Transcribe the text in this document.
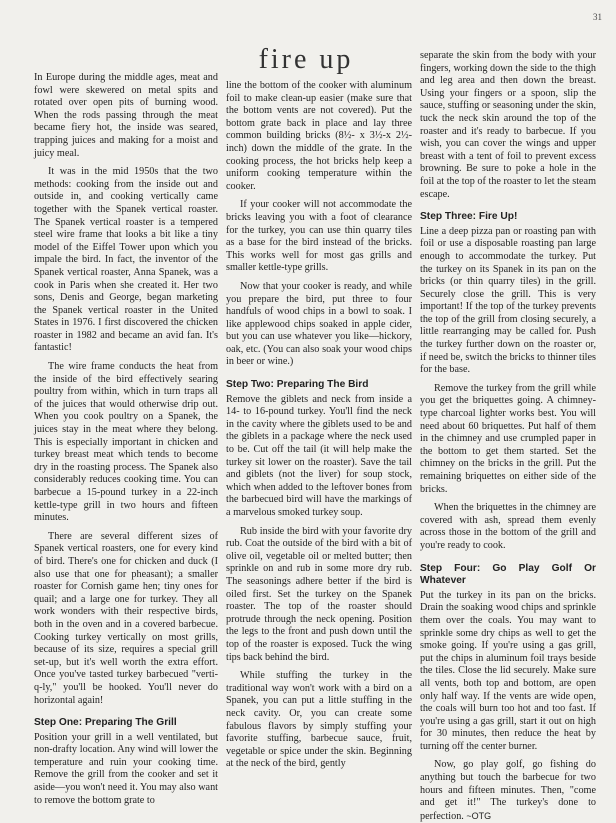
31
fire up

In Europe during the middle ages, meat and fowl were skewered on metal spits and rotated over open pits of burning wood. When the rods passing through the meat became fiery hot, the inside was seared, trapping juices and making for a moist and juicy meal.

It was in the mid 1950s that the two methods: cooking from the inside out and outside in, and cooking vertically came together with the Spanek vertical roaster. The Spanek vertical roaster is a tempered steel wire frame that looks a bit like a tiny model of the Eiffel Tower upon which you impale the bird. In fact, the inventor of the Spanek vertical roaster, Anna Spanek, was a cook in Paris when she created it. Her two sons, Denis and George, began marketing the Spanek vertical roaster in the United States in 1976. I first discovered the chicken roaster in 1982 and became an avid fan. It's fantastic!

The wire frame conducts the heat from the inside of the bird effectively searing poultry from within, which in turn traps all of the juices that would otherwise drip out. When you cook poultry on a Spanek, the juices stay in the meat where they belong. This is especially important in chicken and turkey breast meat which tends to become dry in the roasting process. The Spanek also considerably reduces cooking time. You can barbecue a 15-pound turkey in a 22-inch kettle-type grill in two hours and fifteen minutes.

There are several different sizes of Spanek vertical roasters, one for every kind of bird. There's one for chicken and duck (I also use that one for pheasant); a smaller roaster for Cornish game hen; tiny ones for quail; and a large one for turkey. They all work wonders with their respective birds, both in the oven and in a covered barbecue. Cooking turkey vertically on most grills, because of its size, requires a special grill set-up, but it's well worth the extra effort. Once you've tasted turkey barbecued "verti-q-ly," you'll be hooked. You'll never do horizontal again!

Step One: Preparing The Grill

Position your grill in a well ventilated, but non-drafty location. Any wind will lower the temperature and ruin your cooking time. Remove the grill from the cooker and set it aside—you won't need it. You may also want to remove the bottom grate to

line the bottom of the cooker with aluminum foil to make clean-up easier (make sure that the bottom vents are not covered). Put the bottom grate back in place and lay three common building bricks (8½- x 3½-x 2½-inch) down the middle of the grate. In the cooking process, the hot bricks help keep a uniform cooking temperature within the cooker.

If your cooker will not accommodate the bricks leaving you with a foot of clearance for the turkey, you can use thin quarry tiles as a base for the bird instead of the bricks. This works well for most gas grills and smaller kettle-type grills.

Now that your cooker is ready, and while you prepare the bird, put three to four handfuls of wood chips in a bowl to soak. I like applewood chips soaked in apple cider, but you can use whatever you like—hickory, oak, etc. (You can also soak your wood chips in beer or wine.)

Step Two: Preparing The Bird

Remove the giblets and neck from inside a 14- to 16-pound turkey. You'll find the neck in the cavity where the giblets used to be and the giblets in a package where the neck used to be. Cut off the tail (it will help make the turkey sit lower on the roaster). Save the tail and giblets (not the liver) for soup stock, which when added to the leftover bones from the barbecued bird will have the markings of a marvelous smoked turkey soup.

Rub inside the bird with your favorite dry rub. Coat the outside of the bird with a bit of olive oil, vegetable oil or melted butter; then sprinkle on and rub in some more dry rub. The seasonings adhere better if the bird is oiled first. Set the turkey on the Spanek roaster. The top of the roaster should protrude through the neck opening. Position the legs to the front and push down until the top of the roaster is exposed. Tuck the wing tips back behind the bird.

While stuffing the turkey in the traditional way won't work with a bird on a Spanek, you can put a little stuffing in the neck cavity. Or, you can create some fabulous flavors by simply stuffing your favorite stuffing, barbecue sauce, fruit, vegetable or spice under the skin. Beginning at the neck of the bird, gently

separate the skin from the body with your fingers, working down the side to the thigh and leg area and then down the breast. Using your fingers or a spoon, slip the sauce, stuffing or seasoning under the skin, tuck the neck skin around the top of the roaster and it's ready to barbecue. If you wish, you can cover the wings and upper breast with a tent of foil to prevent excess browning. Be sure to poke a hole in the foil at the top of the roaster to let the steam escape.

Step Three: Fire Up!

Line a deep pizza pan or roasting pan with foil or use a disposable roasting pan large enough to accommodate the turkey. Put the turkey on its Spanek in its pan on the bricks (or thin quarry tiles) in the grill. Securely close the grill. This is very important! If the top of the turkey prevents the top of the grill from closing securely, a little rearranging may be called for. Push the turkey further down on the roaster or, if need be, switch the bricks to thinner tiles for the base.

Remove the turkey from the grill while you get the briquettes going. A chimney-type charcoal lighter works best. You will need about 60 briquettes. Put half of them in the chimney and use crumpled paper in the bottom to get them started. Set the chimney on the bricks in the grill. Put the remaining briquettes on either side of the bricks.

When the briquettes in the chimney are covered with ash, spread them evenly across those in the bottom of the grill and you're ready to cook.

Step Four: Go Play Golf Or Whatever

Put the turkey in its pan on the bricks. Drain the soaking wood chips and sprinkle them over the coals. You may want to sprinkle some dry chips as well to get the smoke going. If you're using a gas grill, put the chips in aluminum foil trays beside the tiles. Close the lid securely. Make sure all vents, both top and bottom, are open only half way. If the vents are wide open, the coals will burn too hot and too fast. If you're using a gas grill, start it out on high for 30 minutes, then reduce the heat by turning off the center burner.

Now, go play golf, go fishing do anything but touch the barbecue for two hours and fifteen minutes. Then, "come and get it!" The turkey's done to perfection. ~OTG
